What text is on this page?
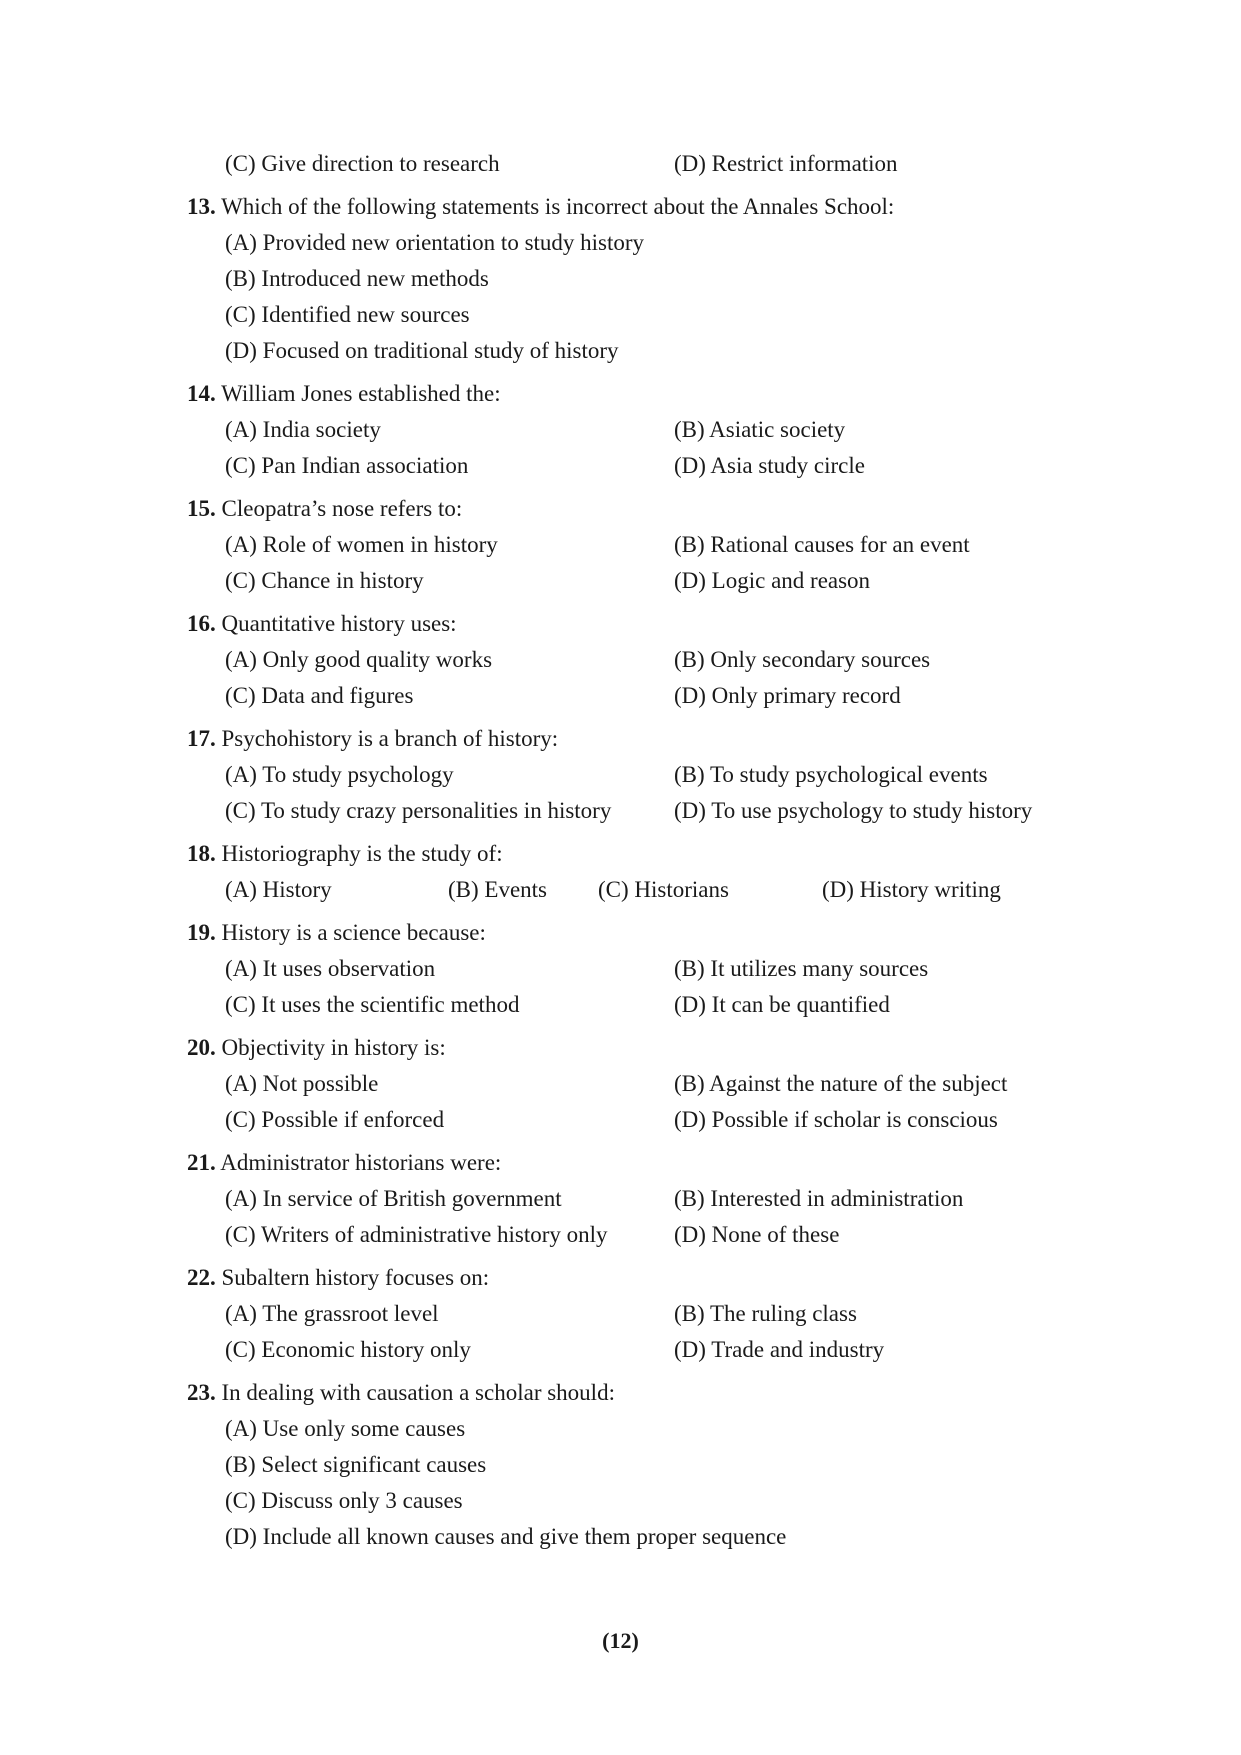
(C) Give direction to research	(D) Restrict information
13. Which of the following statements is incorrect about the Annales School:
(A) Provided new orientation to study history
(B) Introduced new methods
(C) Identified new sources
(D) Focused on traditional study of history
14. William Jones established the:
(A) India society	(B) Asiatic society
(C) Pan Indian association	(D) Asia study circle
15. Cleopatra’s nose refers to:
(A) Role of women in history	(B) Rational causes for an event
(C) Chance in history	(D) Logic and reason
16. Quantitative history uses:
(A) Only good quality works	(B) Only secondary sources
(C) Data and figures	(D) Only primary record
17. Psychohistory is a branch of history:
(A) To study psychology	(B) To study psychological events
(C) To study crazy personalities in history	(D) To use psychology to study history
18. Historiography is the study of:
(A) History	(B) Events (C) Historians	(D) History writing
19. History is a science because:
(A) It uses observation	(B) It utilizes many sources
(C) It uses the scientific method	(D) It can be quantified
20. Objectivity in history is:
(A) Not possible	(B) Against the nature of the subject
(C) Possible if enforced	(D) Possible if scholar is conscious
21. Administrator historians were:
(A) In service of British government	(B) Interested in administration
(C) Writers of administrative history only	(D) None of these
22. Subaltern history focuses on:
(A) The grassroot level	(B) The ruling class
(C) Economic history only	(D) Trade and industry
23. In dealing with causation a scholar should:
(A) Use only some causes
(B) Select significant causes
(C) Discuss only 3 causes
(D) Include all known causes and give them proper sequence
(12)
